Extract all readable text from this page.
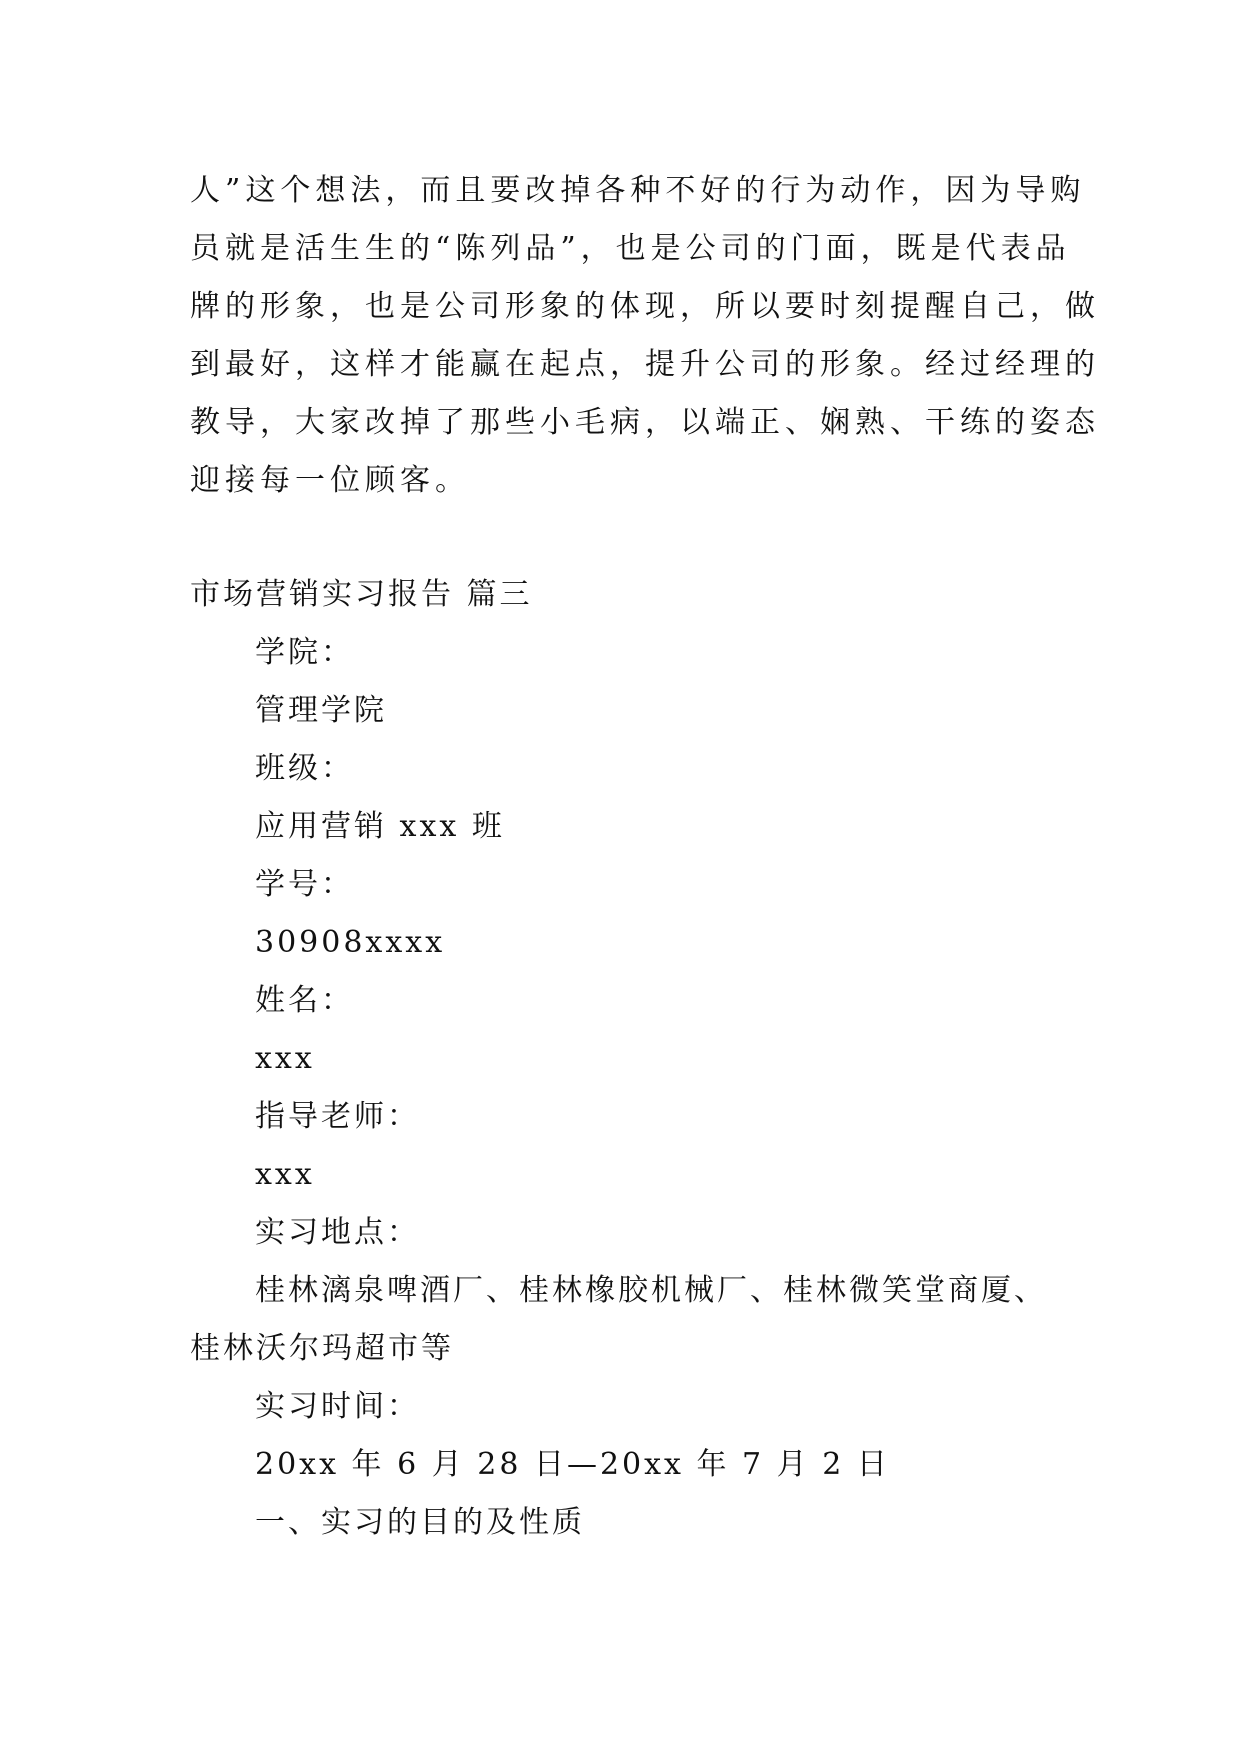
人”这个想法，而且要改掉各种不好的行为动作，因为导购
员就是活生生的“陈列品”，也是公司的门面，既是代表品
牌的形象，也是公司形象的体现，所以要时刻提醒自己，做
到最好，这样才能赢在起点，提升公司的形象。经过经理的
教导，大家改掉了那些小毛病，以端正、娴熟、干练的姿态
迎接每一位顾客。
市场营销实习报告 篇三
学院：
管理学院
班级：
应用营销 xxx 班
学号：
30908xxxx
姓名：
xxx
指导老师：
xxx
实习地点：
桂林漓泉啤酒厂、桂林橡胶机械厂、桂林微笑堂商厦、
桂林沃尔玛超市等
实习时间：
20xx 年 6 月 28 日—20xx 年 7 月 2 日
一、实习的目的及性质
